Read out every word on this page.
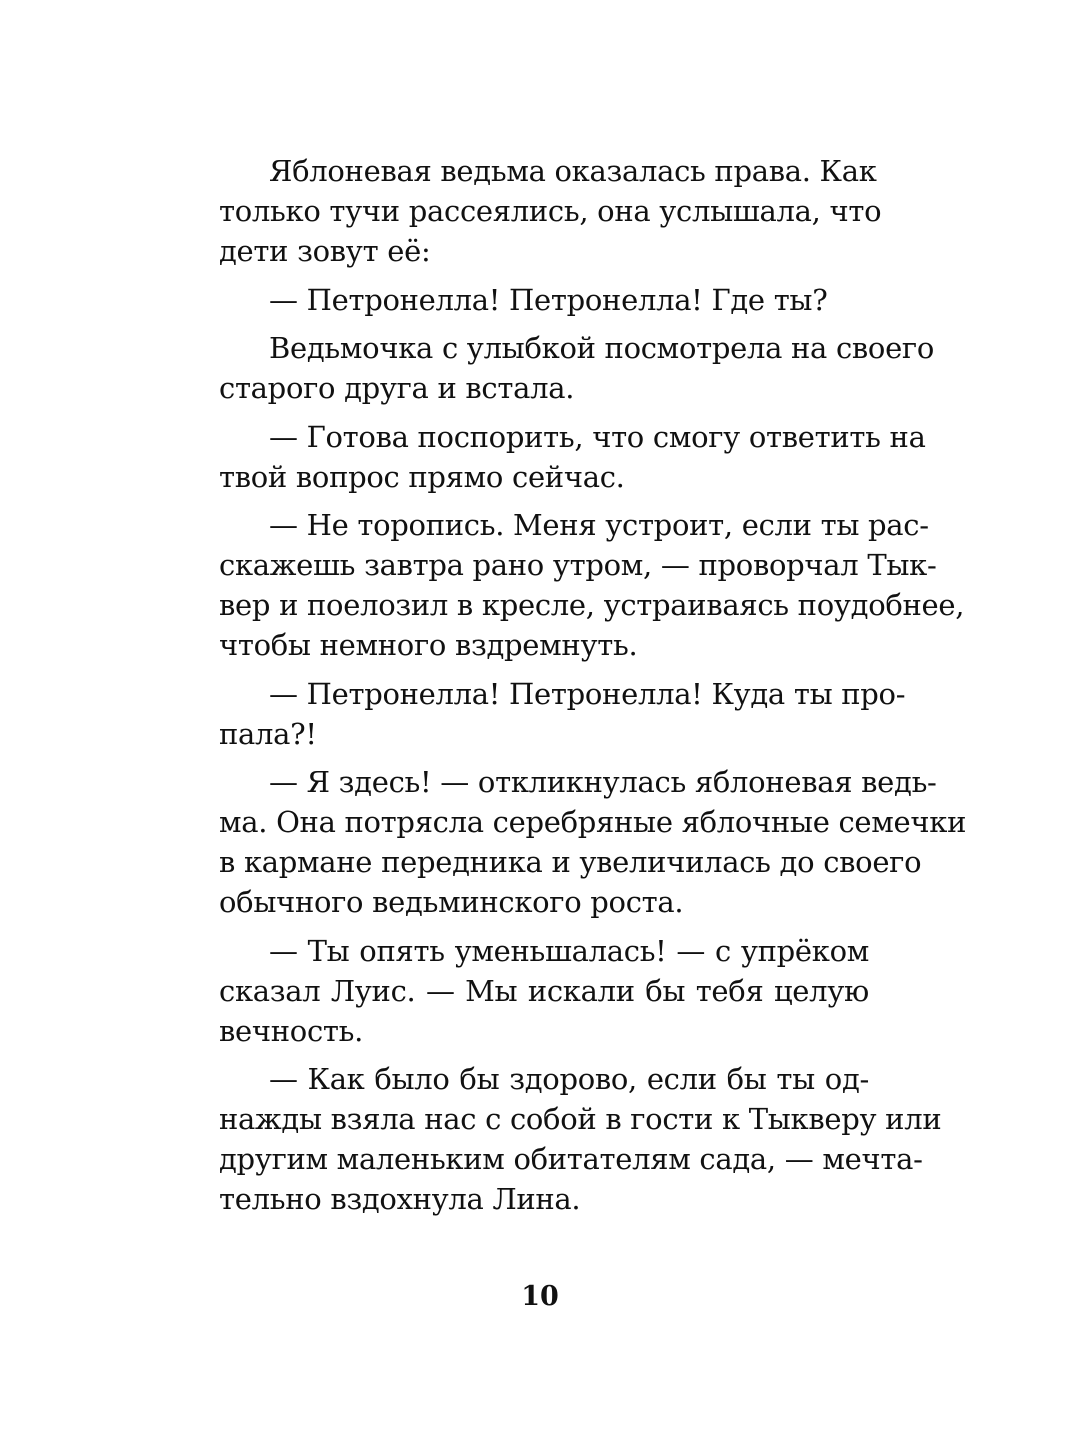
Яблоневая ведьма оказалась права. Как
только тучи рассеялись, она услышала, что
дети зовут её:

— Петронелла! Петронелла! Где ты?

Ведьмочка с улыбкой посмотрела на своего
старого друга и встала.

— Готова поспорить, что смогу ответить на
твой вопрос прямо сейчас.

— Не торопись. Меня устроит, если ты рас-
скажешь завтра рано утром, — проворчал Тык-
вер и поелозил в кресле, устраиваясь поудобнее,
чтобы немного вздремнуть.

— Петронелла! Петронелла! Куда ты про-
пала?!

— Я здесь! — откликнулась яблоневая ведь-
ма. Она потрясла серебряные яблочные семечки
в кармане передника и увеличилась до своего
обычного ведьминского роста.

— Ты опять уменьшалась! — с упрёком
сказал Луис. — Мы искали бы тебя целую
вечность.

— Как было бы здорово, если бы ты од-
нажды взяла нас с собой в гости к Тыкверу или
другим маленьким обитателям сада, — мечта-
тельно вздохнула Лина.

10
